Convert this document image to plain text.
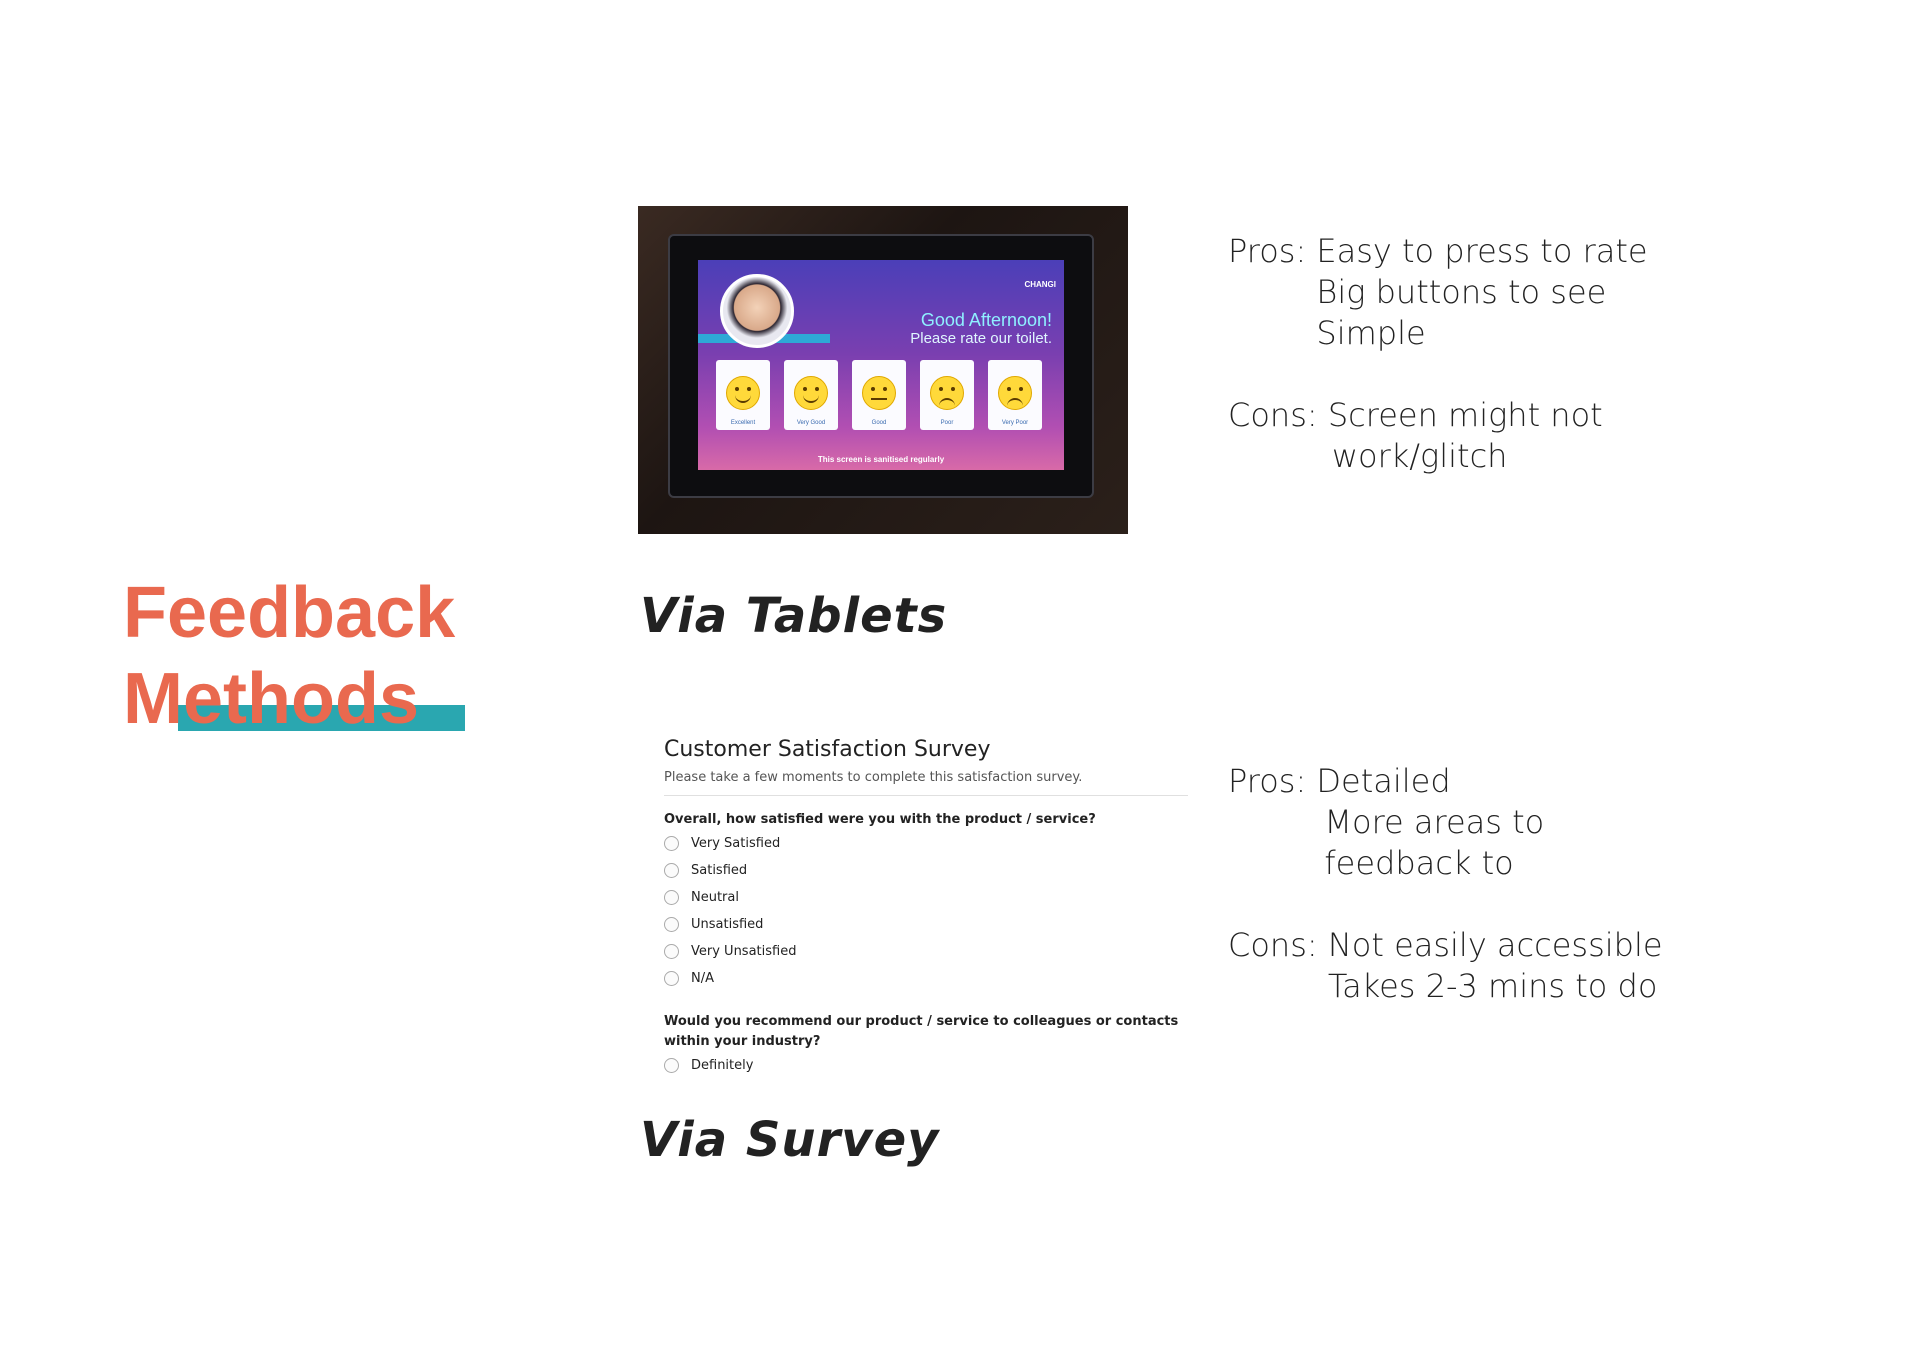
Feedback
Methods
CHANGI
Good Afternoon!
Please rate our toilet.
Excellent	Very Good	Good	Poor	Very Poor
This screen is sanitised regularly
Via Tablets
Pros: Easy to press to rate
Big buttons to see
Simple
Cons: Screen might not
work/glitch
Customer Satisfaction Survey
Please take a few moments to complete this satisfaction survey.
Overall, how satisfied were you with the product / service?
Very Satisfied
Satisfied
Neutral
Unsatisfied
Very Unsatisfied
N/A
Would you recommend our product / service to colleagues or contacts within your industry?
Definitely
Via Survey
Pros: Detailed
More areas to
feedback to
Cons: Not easily accessible
Takes 2-3 mins to do
